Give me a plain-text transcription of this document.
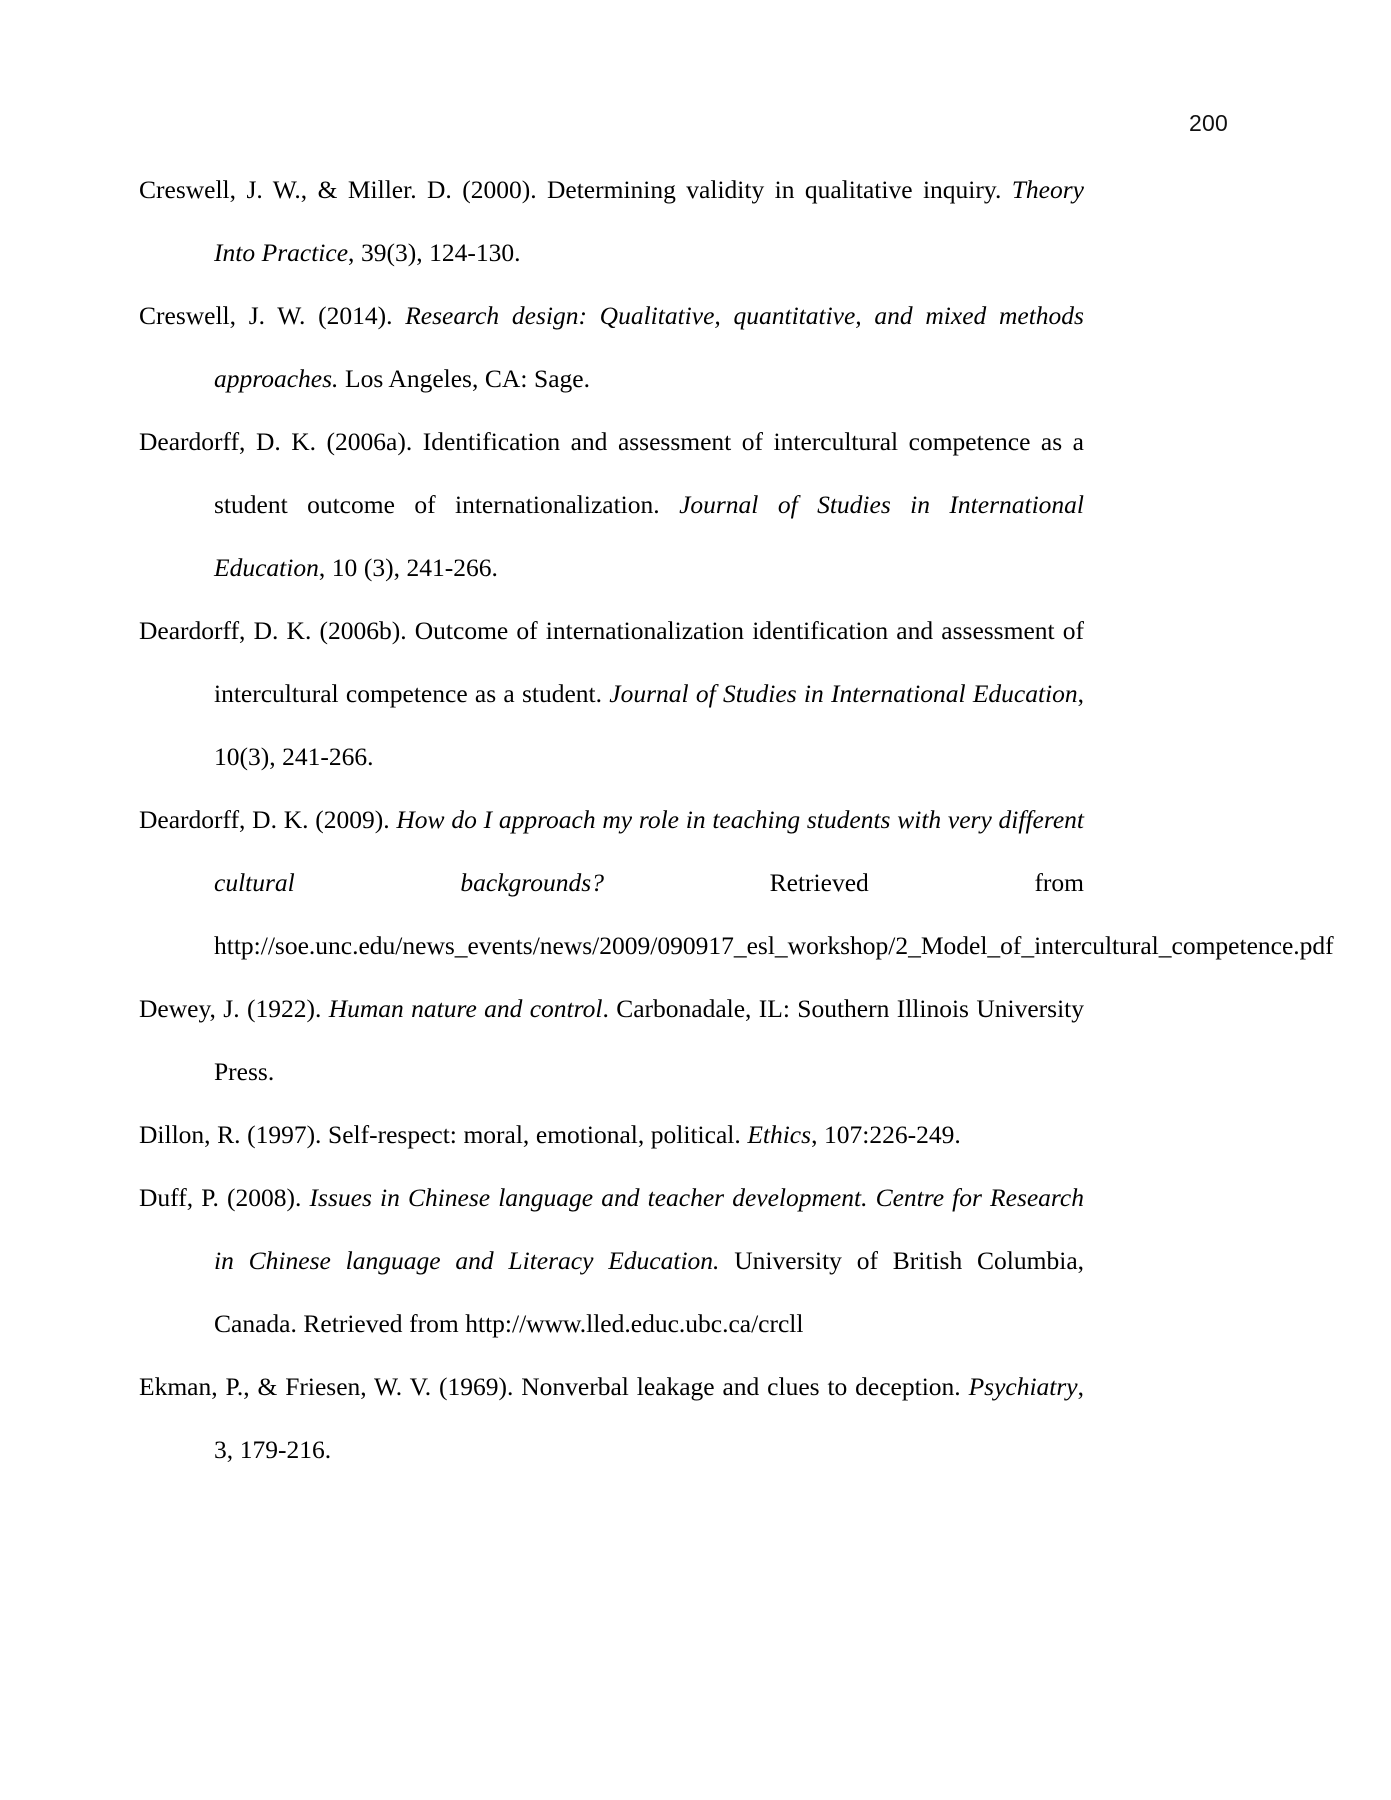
200

Creswell, J. W., & Miller. D. (2000). Determining validity in qualitative inquiry. Theory Into Practice, 39(3), 124-130.

Creswell, J. W. (2014). Research design: Qualitative, quantitative, and mixed methods approaches. Los Angeles, CA: Sage.

Deardorff, D. K. (2006a). Identification and assessment of intercultural competence as a student outcome of internationalization. Journal of Studies in International Education, 10 (3), 241-266.

Deardorff, D. K. (2006b). Outcome of internationalization identification and assessment of intercultural competence as a student. Journal of Studies in International Education, 10(3), 241-266.

Deardorff, D. K. (2009). How do I approach my role in teaching students with very different cultural backgrounds? Retrieved from http://soe.unc.edu/news_events/news/2009/090917_esl_workshop/2_Model_of_intercultural_competence.pdf

Dewey, J. (1922). Human nature and control. Carbonadale, IL: Southern Illinois University Press.

Dillon, R. (1997). Self-respect: moral, emotional, political. Ethics, 107:226-249.

Duff, P. (2008). Issues in Chinese language and teacher development. Centre for Research in Chinese language and Literacy Education. University of British Columbia, Canada. Retrieved from http://www.lled.educ.ubc.ca/crcll

Ekman, P., & Friesen, W. V. (1969). Nonverbal leakage and clues to deception. Psychiatry, 3, 179-216.
